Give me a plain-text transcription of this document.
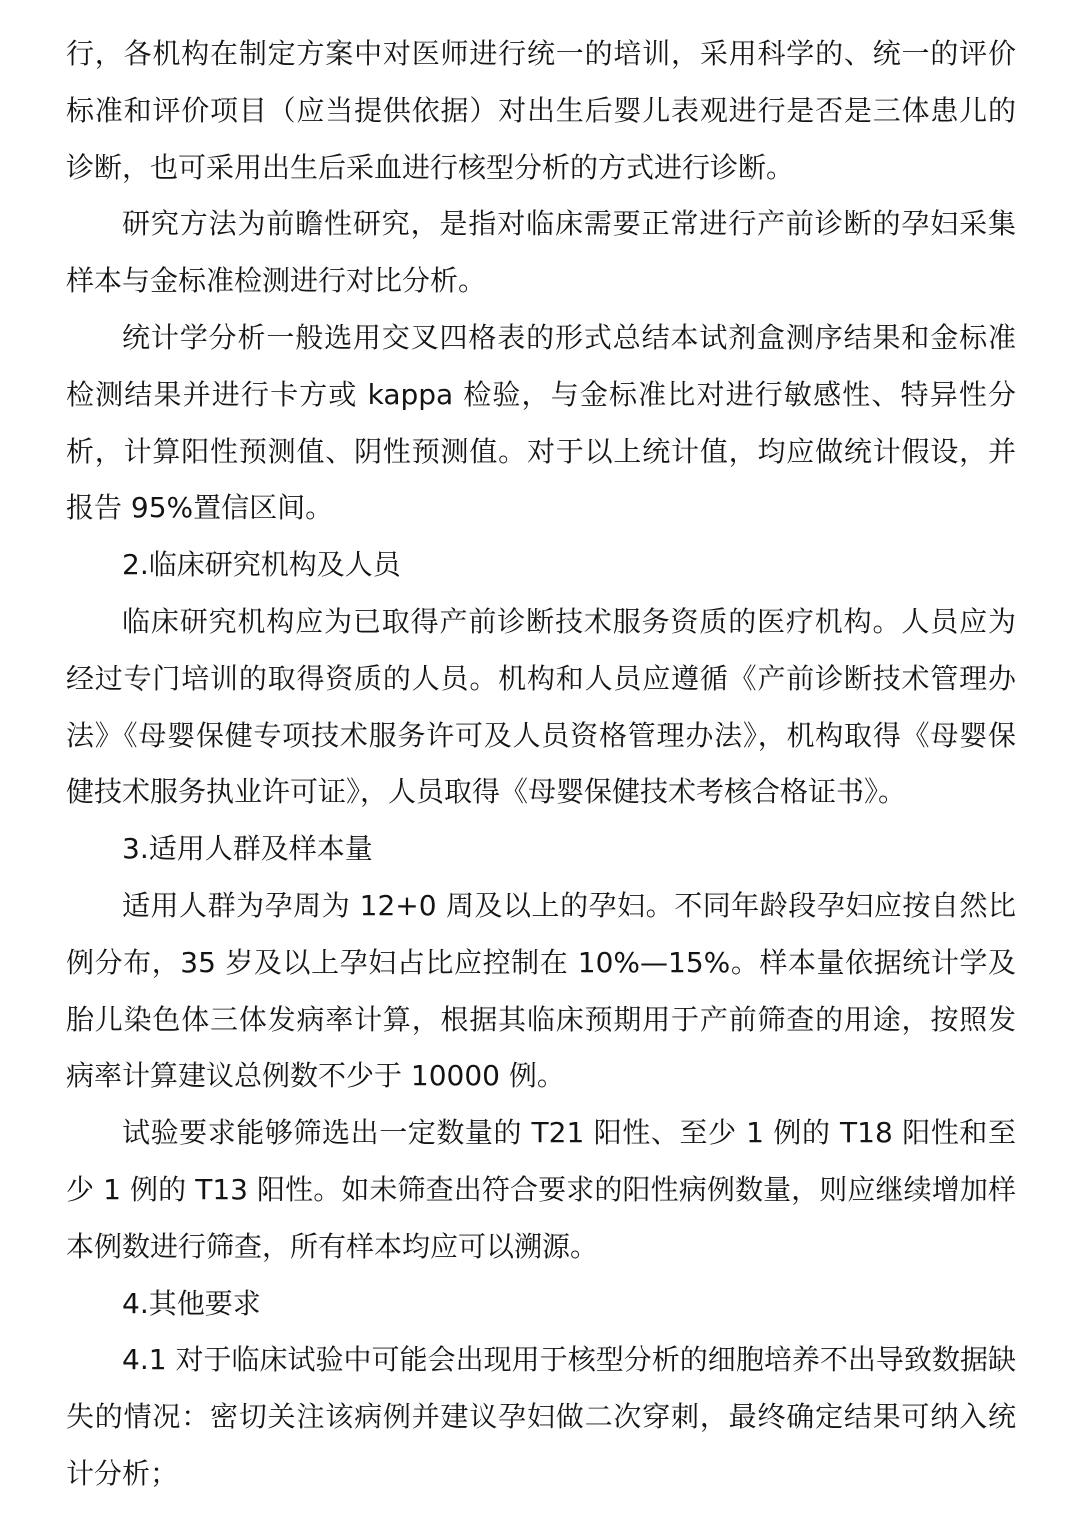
行，各机构在制定方案中对医师进行统一的培训，采用科学的、统一的评价标准和评价项目（应当提供依据）对出生后婴儿表观进行是否是三体患儿的诊断，也可采用出生后采血进行核型分析的方式进行诊断。

研究方法为前瞻性研究，是指对临床需要正常进行产前诊断的孕妇采集样本与金标准检测进行对比分析。

统计学分析一般选用交叉四格表的形式总结本试剂盒测序结果和金标准检测结果并进行卡方或 kappa 检验，与金标准比对进行敏感性、特异性分析，计算阳性预测值、阴性预测值。对于以上统计值，均应做统计假设，并报告 95%置信区间。

2.临床研究机构及人员

临床研究机构应为已取得产前诊断技术服务资质的医疗机构。人员应为经过专门培训的取得资质的人员。机构和人员应遵循《产前诊断技术管理办法》《母婴保健专项技术服务许可及人员资格管理办法》，机构取得《母婴保健技术服务执业许可证》，人员取得《母婴保健技术考核合格证书》。

3.适用人群及样本量

适用人群为孕周为 12+0 周及以上的孕妇。不同年龄段孕妇应按自然比例分布，35 岁及以上孕妇占比应控制在 10%—15%。样本量依据统计学及胎儿染色体三体发病率计算，根据其临床预期用于产前筛查的用途，按照发病率计算建议总例数不少于 10000 例。

试验要求能够筛选出一定数量的 T21 阳性、至少 1 例的 T18 阳性和至少 1 例的 T13 阳性。如未筛查出符合要求的阳性病例数量，则应继续增加样本例数进行筛查，所有样本均应可以溯源。

4.其他要求

4.1 对于临床试验中可能会出现用于核型分析的细胞培养不出导致数据缺失的情况：密切关注该病例并建议孕妇做二次穿刺，最终确定结果可纳入统计分析；
